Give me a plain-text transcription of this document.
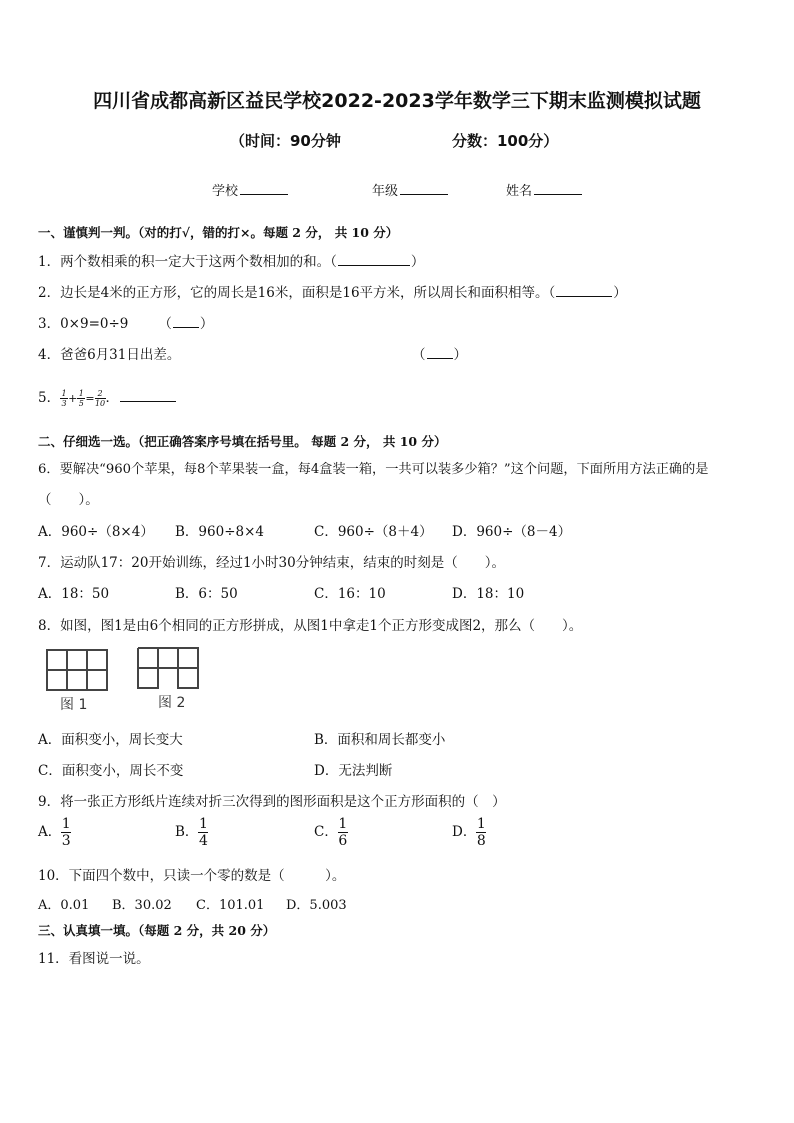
四川省成都高新区益民学校2022-2023学年数学三下期末监测模拟试题
（时间：90分钟	分数：100分）
学校	年级	姓名
一、谨慎判一判。（对的打√，错的打×。每题 2 分， 共 10 分）
1．两个数相乘的积一定大于这两个数相加的和。（	）
2．边长是4米的正方形，它的周长是16米，面积是16平方米，所以周长和面积相等。（	）
3．0×9=0÷9 （ ）
4．爸爸6月31日出差。	（ ）
5． $\frac{1}{3} + \frac{1}{5} = \frac{2}{10}$ ．
二、仔细选一选。（把正确答案序号填在括号里。 每题 2 分， 共 10 分）
6．要解决“960个苹果，每8个苹果装一盒，每4盒装一箱，一共可以装多少箱？”这个问题，下面所用方法正确的是
（　　）。
A．960÷（8×4） B．960÷8×4	C．960÷（8＋4） D．960÷（8－4）
7．运动队17：20开始训练，经过1小时30分钟结束，结束的时刻是（　　）。
A．18：50	B．6：50	C．16：10	D．18：10
8．如图，图1是由6个相同的正方形拼成，从图1中拿走1个正方形变成图2，那么（　　）。
图 1	图 2
A．面积变小，周长变大	B．面积和周长都变小
C．面积变小，周长不变	D．无法判断
9．将一张正方形纸片连续对折三次得到的图形面积是这个正方形面积的（　）
A． $\frac{1}{3}$	B． $\frac{1}{4}$	C． $\frac{1}{6}$	D． $\frac{1}{8}$
10．下面四个数中，只读一个零的数是（　　　）。
A．0.01 B．30.02 C．101.01 D．5.003
三、认真填一填。（每题 2 分，共 20 分）
11．看图说一说。
